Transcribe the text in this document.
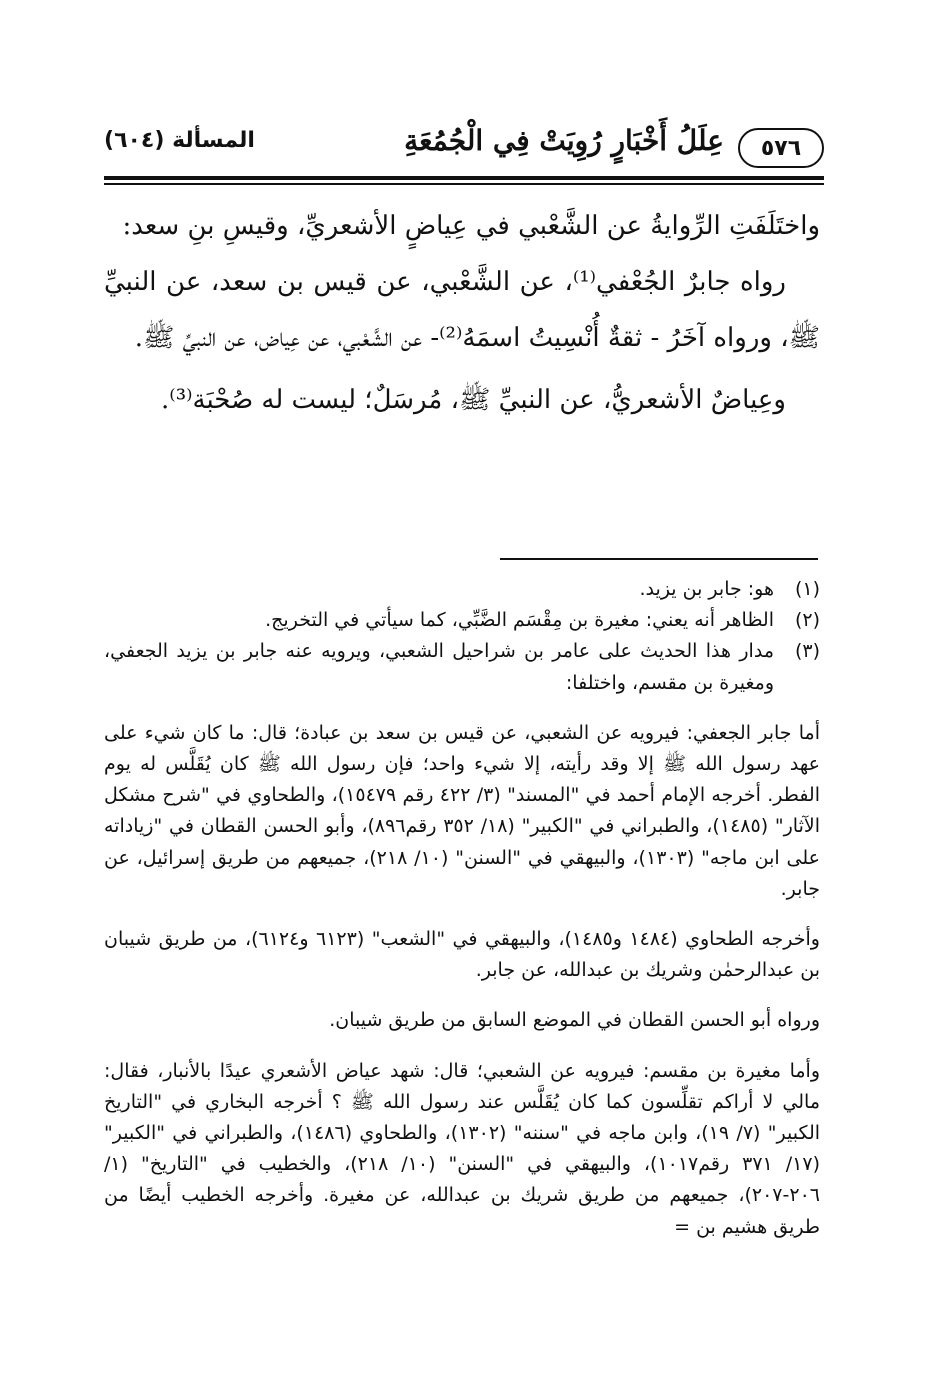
٥٧٦
عِلَلُ أَخْبَارٍ رُوِيَتْ فِي الْجُمُعَةِ
المسألة (٦٠٤)

واختَلَفَتِ الرِّوايةُ عن الشَّعْبي في عِياضٍ الأشعريِّ، وقيسِ بنِ سعد:

رواه جابرٌ الجُعْفي⁽¹⁾، عن الشَّعْبي، عن قيس بن سعد، عن النبيِّ ﷺ، ورواه آخَرُ - ثقةٌ أُنْسِيتُ اسمَهُ⁽²⁾- عن الشَّعْبي، عن عِياض، عن النبيِّ ﷺ.

وعِياضٌ الأشعريُّ، عن النبيِّ ﷺ، مُرسَلٌ؛ ليست له صُحْبَة⁽³⁾.

(١)

هو: جابر بن يزيد.

(٢)

الظاهر أنه يعني: مغيرة بن مِقْسَم الضَّبِّي، كما سيأتي في التخريج.

(٣)

مدار هذا الحديث على عامر بن شراحيل الشعبي، ويرويه عنه جابر بن يزيد الجعفي، ومغيرة بن مقسم، واختلفا:

أما جابر الجعفي: فيرويه عن الشعبي، عن قيس بن سعد بن عبادة؛ قال: ما كان شيء على عهد رسول الله ﷺ إلا وقد رأيته، إلا شيء واحد؛ فإن رسول الله ﷺ كان يُقَلَّس له يوم الفطر. أخرجه الإمام أحمد في "المسند" (٣/ ٤٢٢ رقم ١٥٤٧٩)، والطحاوي في "شرح مشكل الآثار" (١٤٨٥)، والطبراني في "الكبير" (١٨/ ٣٥٢ رقم٨٩٦)، وأبو الحسن القطان في "زياداته على ابن ماجه" (١٣٠٣)، والبيهقي في "السنن" (١٠/ ٢١٨)، جميعهم من طريق إسرائيل، عن جابر.

وأخرجه الطحاوي (١٤٨٤ و١٤٨٥)، والبيهقي في "الشعب" (٦١٢٣ و٦١٢٤)، من طريق شيبان بن عبدالرحمٰن وشريك بن عبدالله، عن جابر.

ورواه أبو الحسن القطان في الموضع السابق من طريق شيبان.

وأما مغيرة بن مقسم: فيرويه عن الشعبي؛ قال: شهد عياض الأشعري عيدًا بالأنبار، فقال: مالي لا أراكم تقلِّسون كما كان يُقَلَّس عند رسول الله ﷺ ؟ أخرجه البخاري في "التاريخ الكبير" (٧/ ١٩)، وابن ماجه في "سننه" (١٣٠٢)، والطحاوي (١٤٨٦)، والطبراني في "الكبير" (١٧/ ٣٧١ رقم١٠١٧)، والبيهقي في "السنن" (١٠/ ٢١٨)، والخطيب في "التاريخ" (١/ ٢٠٦-٢٠٧)، جميعهم من طريق شريك بن عبدالله، عن مغيرة. وأخرجه الخطيب أيضًا من طريق هشيم بن =
